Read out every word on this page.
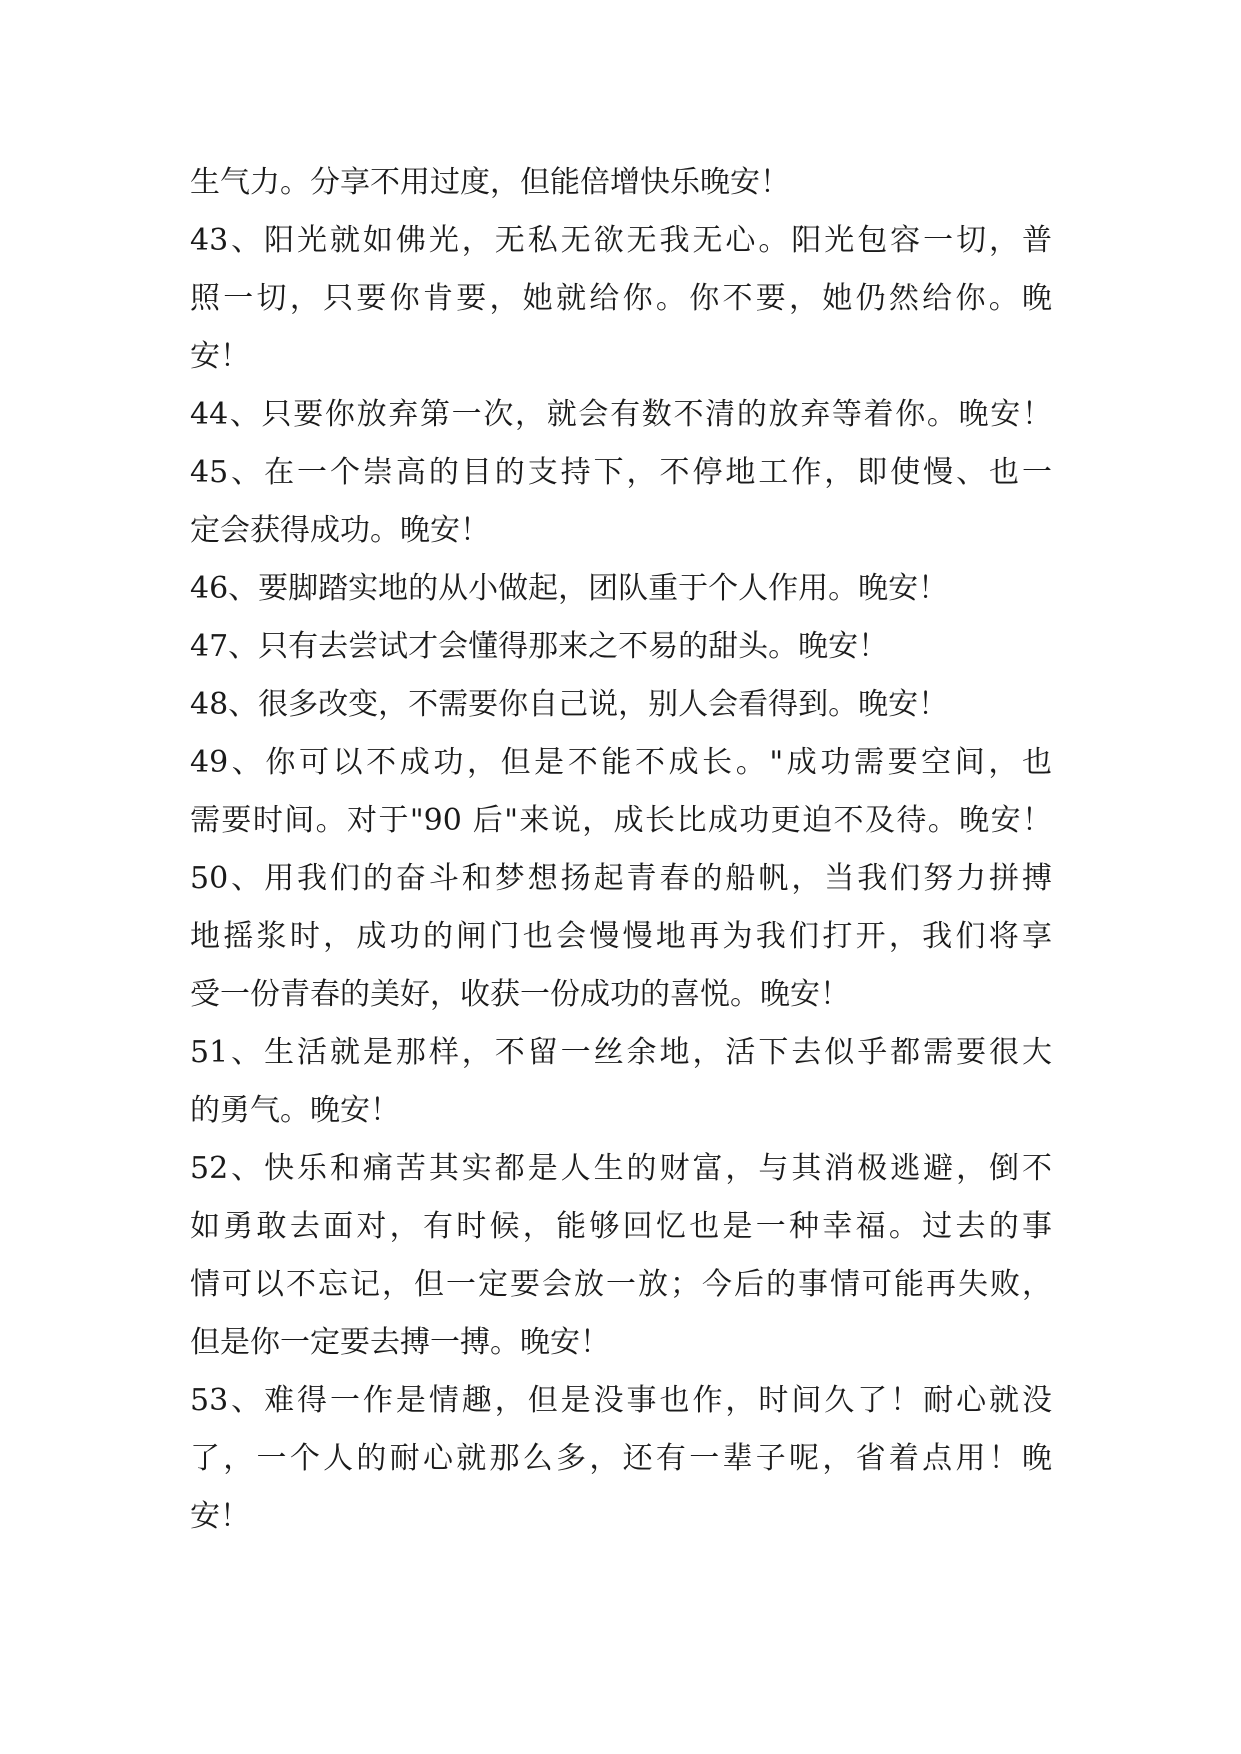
生气力。分享不用过度，但能倍增快乐晚安！
43、阳光就如佛光，无私无欲无我无心。阳光包容一切，普
照一切，只要你肯要，她就给你。你不要，她仍然给你。晚
安！
44、只要你放弃第一次，就会有数不清的放弃等着你。晚安！
45、在一个崇高的目的支持下，不停地工作，即使慢、也一
定会获得成功。晚安！
46、要脚踏实地的从小做起，团队重于个人作用。晚安！
47、只有去尝试才会懂得那来之不易的甜头。晚安！
48、很多改变，不需要你自己说，别人会看得到。晚安！
49、你可以不成功，但是不能不成长。"成功需要空间，也
需要时间。对于"90 后"来说，成长比成功更迫不及待。晚安！
50、用我们的奋斗和梦想扬起青春的船帆，当我们努力拼搏
地摇浆时，成功的闸门也会慢慢地再为我们打开，我们将享
受一份青春的美好，收获一份成功的喜悦。晚安！
51、生活就是那样，不留一丝余地，活下去似乎都需要很大
的勇气。晚安！
52、快乐和痛苦其实都是人生的财富，与其消极逃避，倒不
如勇敢去面对，有时候，能够回忆也是一种幸福。过去的事
情可以不忘记，但一定要会放一放；今后的事情可能再失败，
但是你一定要去搏一搏。晚安！
53、难得一作是情趣，但是没事也作，时间久了！耐心就没
了，一个人的耐心就那么多，还有一辈子呢，省着点用！晚
安！
